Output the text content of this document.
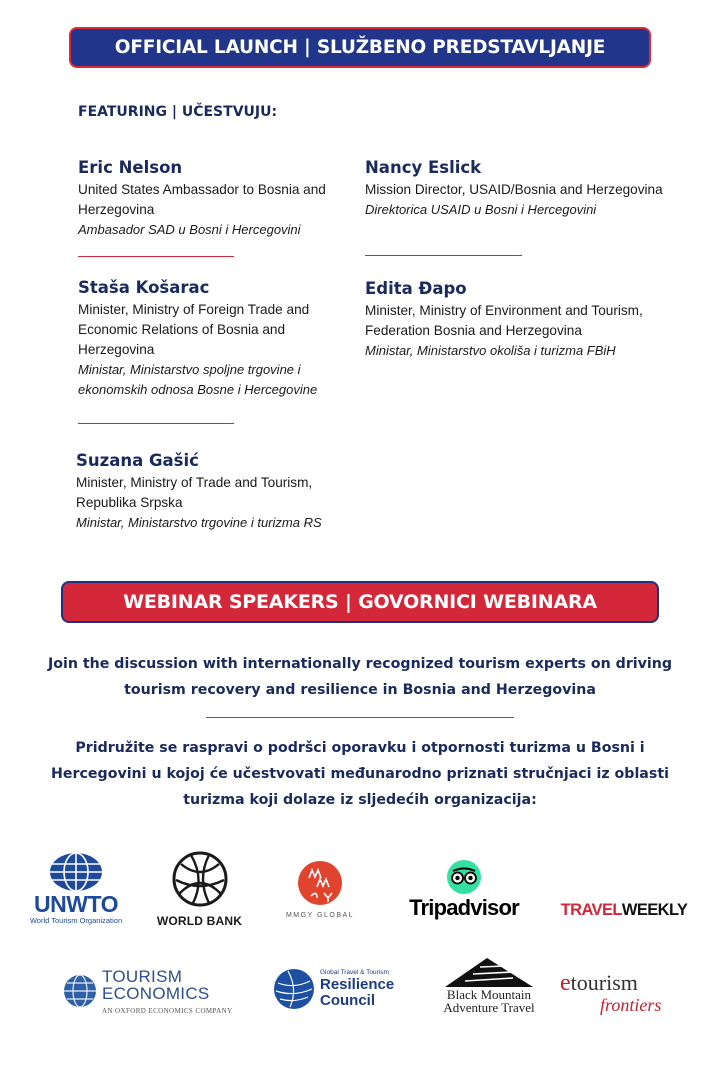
OFFICIAL LAUNCH | SLUŽBENO PREDSTAVLJANJE
FEATURING | UČESTVUJU:
Eric Nelson
United States Ambassador to Bosnia and Herzegovina
Ambasador SAD u Bosni i Hercegovini
Nancy Eslick
Mission Director, USAID/Bosnia and Herzegovina
Direktorica USAID u Bosni i Hercegovini
Staša Košarac
Minister, Ministry of Foreign Trade and Economic Relations of Bosnia and Herzegovina
Ministar, Ministarstvo spoljne trgovine i ekonomskih odnosa Bosne i Hercegovine
Edita Đapo
Minister, Ministry of Environment and Tourism, Federation Bosnia and Herzegovina
Ministar, Ministarstvo okoliša i turizma FBiH
Suzana Gašić
Minister, Ministry of Trade and Tourism, Republika Srpska
Ministar, Ministarstvo trgovine i turizma RS
WEBINAR SPEAKERS | GOVORNICI WEBINARA
Join the discussion with internationally recognized tourism experts on driving tourism recovery and resilience in Bosnia and Herzegovina
Pridružite se raspravi o podršci oporavku i otpornosti turizma u Bosni i Hercegovini u kojoj će učestvovati međunarodno priznati stručnjaci iz oblasti turizma koji dolaze iz sljedećih organizacija:
UNWTO
World Tourism Organization	WORLD BANK	MMGY GLOBAL	Tripadvisor	TRAVEL WEEKLY
TOURISM
ECONOMICS
AN OXFORD ECONOMICS COMPANY
Global Travel & Tourism
Resilience
Council	Black Mountain
Adventure Travel
e tourism
frontiers
